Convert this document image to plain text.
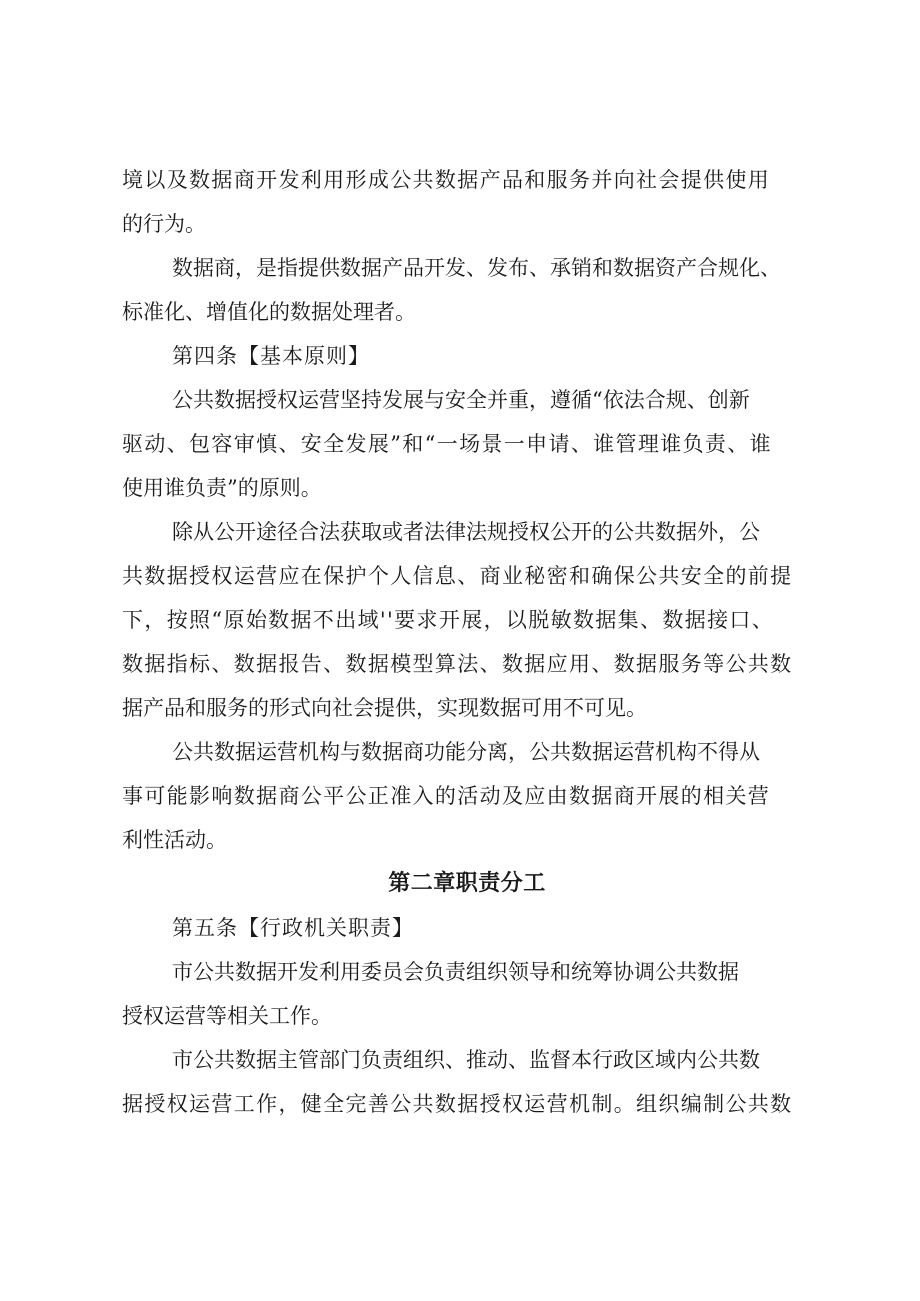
境以及数据商开发利用形成公共数据产品和服务并向社会提供使用
的行为。
数据商，是指提供数据产品开发、发布、承销和数据资产合规化、
标准化、增值化的数据处理者。
第四条【基本原则】
公共数据授权运营坚持发展与安全并重，遵循“依法合规、创新
驱动、包容审慎、安全发展”和“一场景一申请、谁管理谁负责、谁
使用谁负责”的原则。
除从公开途径合法获取或者法律法规授权公开的公共数据外，公
共数据授权运营应在保护个人信息、商业秘密和确保公共安全的前提
下，按照“原始数据不出域''要求开展，以脱敏数据集、数据接口、
数据指标、数据报告、数据模型算法、数据应用、数据服务等公共数
据产品和服务的形式向社会提供，实现数据可用不可见。
公共数据运营机构与数据商功能分离，公共数据运营机构不得从
事可能影响数据商公平公正准入的活动及应由数据商开展的相关营
利性活动。
第二章职责分工
第五条【行政机关职责】
市公共数据开发利用委员会负责组织领导和统筹协调公共数据
授权运营等相关工作。
市公共数据主管部门负责组织、推动、监督本行政区域内公共数
据授权运营工作，健全完善公共数据授权运营机制。组织编制公共数
